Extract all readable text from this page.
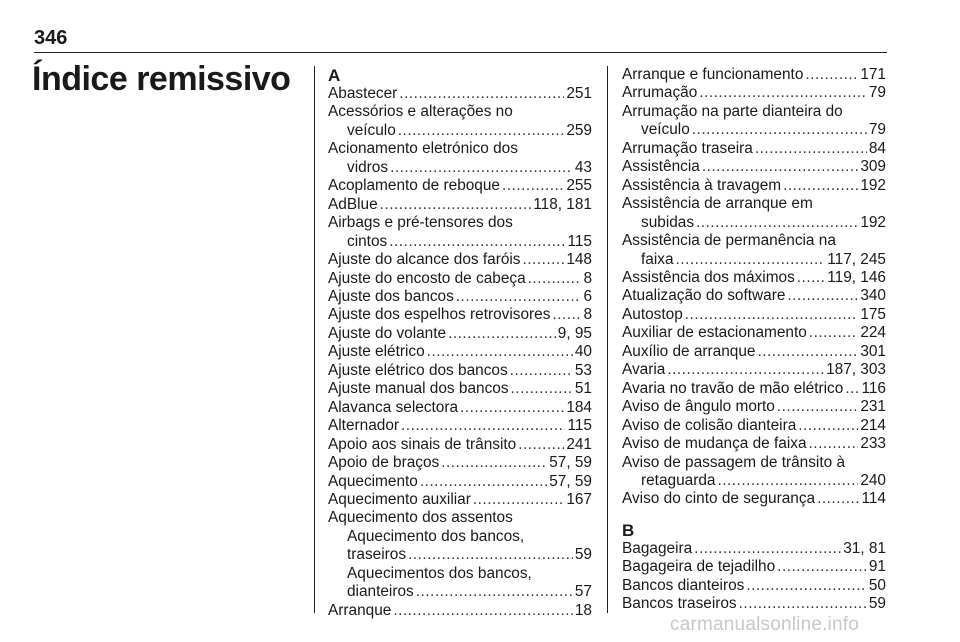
346
Índice remissivo A
Abastecer .....	251
Acessórios e alterações no
veículo .....	259
Acionamento eletrónico dos
vidros .....	43
Acoplamento de reboque .....	255
AdBlue .....	118, 181
Airbags e pré-tensores dos
cintos .....	115
Ajuste do alcance dos faróis .....	148
Ajuste do encosto de cabeça .....	8
Ajuste dos bancos .....	6
Ajuste dos espelhos retrovisores ..... 8
Ajuste do volante .....	9, 95
Ajuste elétrico .....	40
Ajuste elétrico dos bancos .....	53
Ajuste manual dos bancos .....	51
Alavanca selectora .....	184
Alternador .....	115
Apoio aos sinais de trânsito .....	241
Apoio de braços .....	57, 59
Aquecimento .....	57, 59
Aquecimento auxiliar .....	167
Aquecimento dos assentos
Aquecimento dos bancos,
traseiros .....	59
Aquecimentos dos bancos,
dianteiros .....	57
Arranque .....	18
Arranque e funcionamento .....	171
Arrumação .....	79
Arrumação na parte dianteira do
veículo .....	79
Arrumação traseira .....	84
Assistência .....	309
Assistência à travagem .....	192
Assistência de arranque em
subidas .....	192
Assistência de permanência na
faixa .....	117, 245
Assistência dos máximos ..... 119, 146
Atualização do software .....	340
Autostop .....	175
Auxiliar de estacionamento .....	224
Auxílio de arranque .....	301
Avaria .....	187, 303
Avaria no travão de mão elétrico ..... 116
Aviso de ângulo morto .....	231
Aviso de colisão dianteira .....	214
Aviso de mudança de faixa .....	233
Aviso de passagem de trânsito à
retaguarda .....	240
Aviso do cinto de segurança .....	114
B
Bagageira .....	31, 81
Bagageira de tejadilho .....	91
Bancos dianteiros .....	50
Bancos traseiros .....	59
carmanualsonline.info
